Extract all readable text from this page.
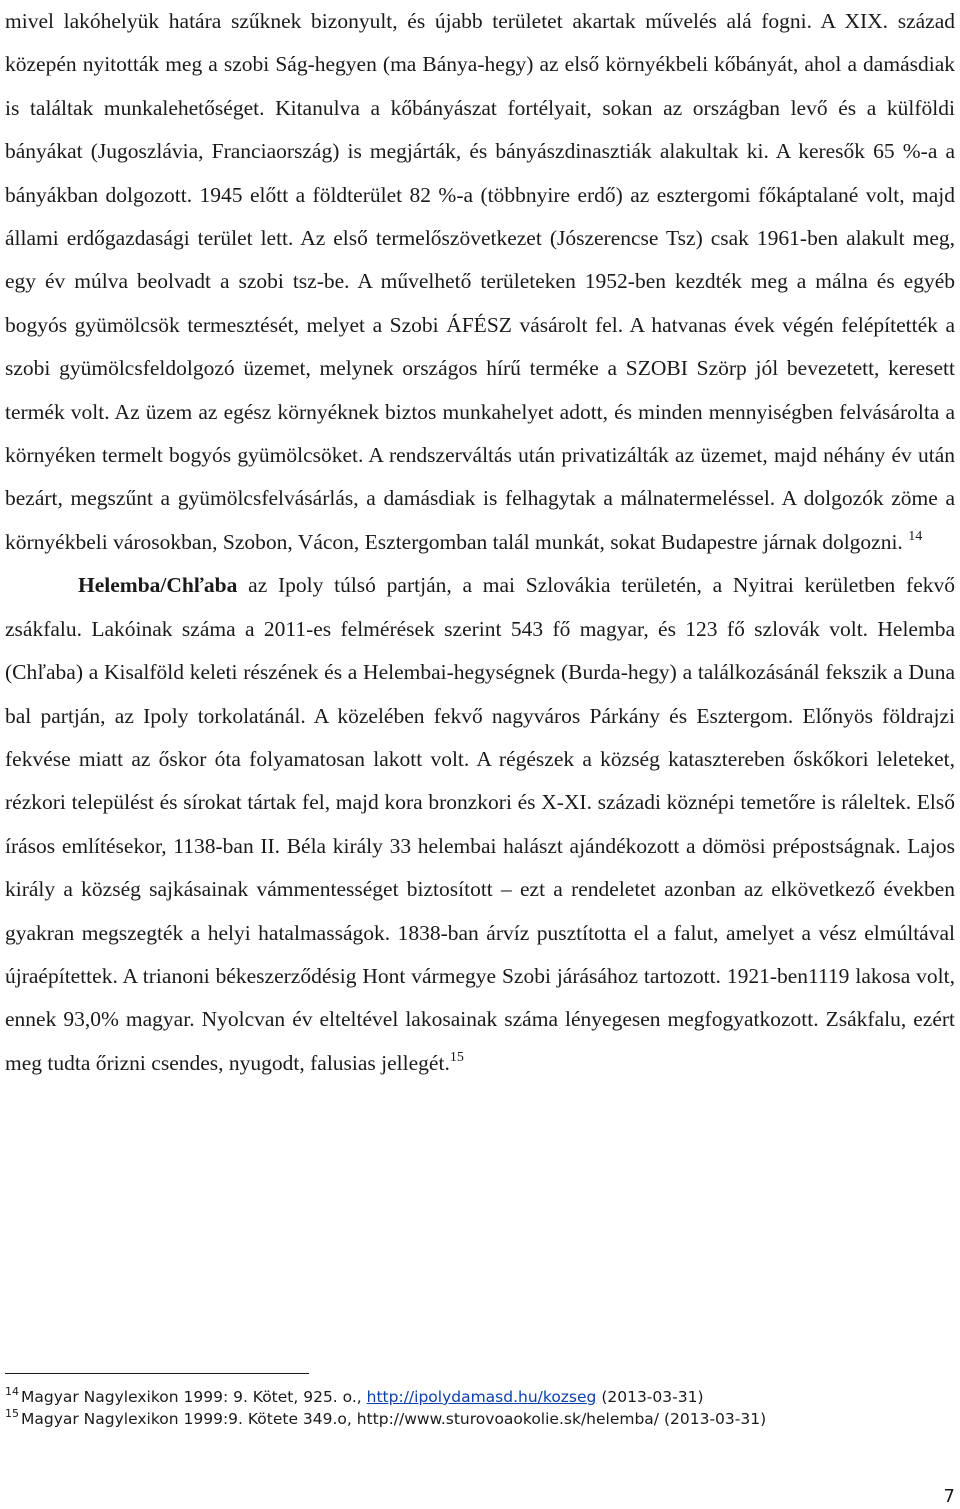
mivel lakóhelyük határa szűknek bizonyult, és újabb területet akartak művelés alá fogni. A XIX. század közepén nyitották meg a szobi Ság-hegyen (ma Bánya-hegy) az első környékbeli kőbányát, ahol a damásdiak is találtak munkalehetőséget. Kitanulva a kőbányászat fortélyait, sokan az országban levő és a külföldi bányákat (Jugoszlávia, Franciaország) is megjárták, és bányászdinasztiák alakultak ki. A keresők 65 %-a a bányákban dolgozott. 1945 előtt a földterület 82 %-a (többnyire erdő) az esztergomi főkáptalané volt, majd állami erdőgazdasági terület lett. Az első termelőszövetkezet (Jószerencse Tsz) csak 1961-ben alakult meg, egy év múlva beolvadt a szobi tsz-be. A művelhető területeken 1952-ben kezdték meg a málna és egyéb bogyós gyümölcsök termesztését, melyet a Szobi ÁFÉSZ vásárolt fel. A hatvanas évek végén felépítették a szobi gyümölcsfeldolgozó üzemet, melynek országos hírű terméke a SZOBI Szörp jól bevezetett, keresett termék volt. Az üzem az egész környéknek biztos munkahelyet adott, és minden mennyiségben felvásárolta a környéken termelt bogyós gyümölcsöket. A rendszerváltás után privatizálták az üzemet, majd néhány év után bezárt, megszűnt a gyümölcsfelvásárlás, a damásdiak is felhagytak a málnatermeléssel. A dolgozók zöme a környékbeli városokban, Szobon, Vácon, Esztergomban talál munkát, sokat Budapestre járnak dolgozni. $^{14}$

Helemba/Chľaba az Ipoly túlsó partján, a mai Szlovákia területén, a Nyitrai kerületben fekvő zsákfalu. Lakóinak száma a 2011-es felmérések szerint 543 fő magyar, és 123 fő szlovák volt. Helemba (Chľaba) a Kisalföld keleti részének és a Helembai-hegységnek (Burda-hegy) a találkozásánál fekszik a Duna bal partján, az Ipoly torkolatánál. A közelében fekvő nagyváros Párkány és Esztergom. Előnyös földrajzi fekvése miatt az őskor óta folyamatosan lakott volt. A régészek a község katasztereben őskőkori leleteket, rézkori települést és sírokat tártak fel, majd kora bronzkori és X-XI. századi köznépi temetőre is ráleltek. Első írásos említésekor, 1138-ban II. Béla király 33 helembai halászt ajándékozott a dömösi prépostságnak. Lajos király a község sajkásainak vámmentességet biztosított – ezt a rendeletet azonban az elkövetkező években gyakran megszegték a helyi hatalmasságok. 1838-ban árvíz pusztította el a falut, amelyet a vész elmúltával újraépítettek. A trianoni békeszerződésig Hont vármegye Szobi járásához tartozott. 1921-ben1119 lakosa volt, ennek 93,0% magyar. Nyolcvan év elteltével lakosainak száma lényegesen megfogyatkozott. Zsákfalu, ezért meg tudta őrizni csendes, nyugodt, falusias jellegét.$^{15}$

$^{14}$ Magyar Nagylexikon 1999: 9. Kötet, 925. o., http://ipolydamasd.hu/kozseg (2013-03-31)
$^{15}$ Magyar Nagylexikon 1999:9. Kötete 349.o, http://www.sturovoaokolie.sk/helemba/ (2013-03-31)
7
